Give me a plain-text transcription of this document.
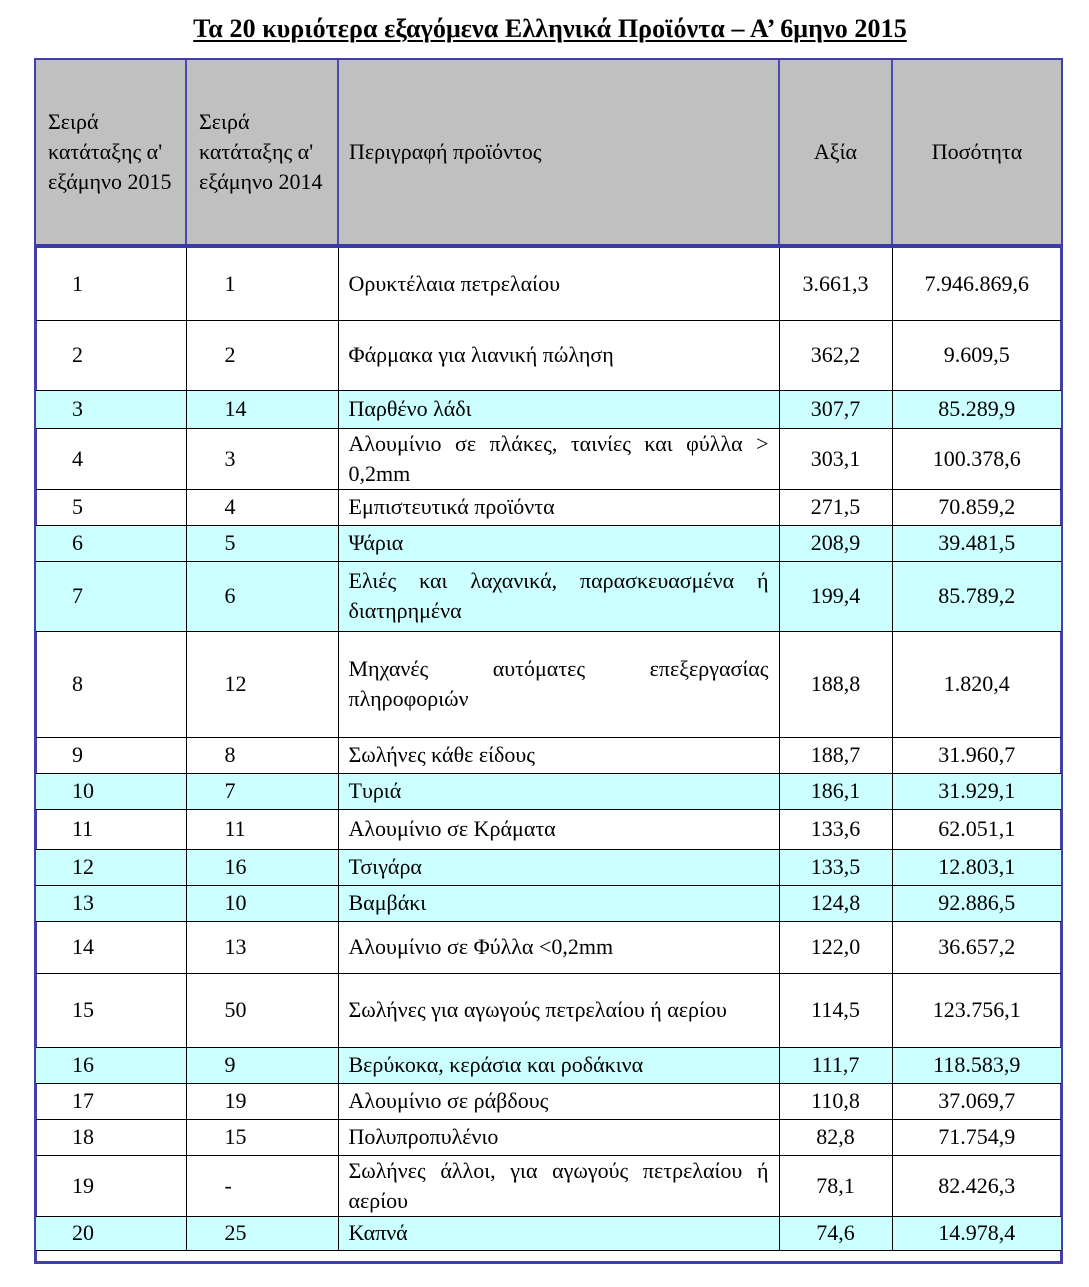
Τα 20 κυριότερα εξαγόμενα Ελληνικά Προϊόντα – Α’ 6μηνο 2015
Σειρά κατάταξης α' εξάμηνο 2015	Σειρά κατάταξης α' εξάμηνο 2014	Περιγραφή προϊόντος	Αξία	Ποσότητα
1	1	Ορυκτέλαια πετρελαίου	3.661,3	7.946.869,6
2	2	Φάρμακα για λιανική πώληση	362,2	9.609,5
3	14	Παρθένο λάδι	307,7	85.289,9
4	3	Αλουμίνιο σε πλάκες, ταινίες και φύλλα > 0,2mm	303,1	100.378,6
5	4	Εμπιστευτικά προϊόντα	271,5	70.859,2
6	5	Ψάρια	208,9	39.481,5
7	6	Ελιές και λαχανικά, παρασκευασμένα ή διατηρημένα	199,4	85.789,2
8	12	Μηχανές αυτόματες επεξεργασίας πληροφοριών	188,8	1.820,4
9	8	Σωλήνες κάθε είδους	188,7	31.960,7
10	7	Τυριά	186,1	31.929,1
11	11	Αλουμίνιο σε Κράματα	133,6	62.051,1
12	16	Τσιγάρα	133,5	12.803,1
13	10	Βαμβάκι	124,8	92.886,5
14	13	Αλουμίνιο σε Φύλλα <0,2mm	122,0	36.657,2
15	50	Σωλήνες για αγωγούς πετρελαίου ή αερίου	114,5	123.756,1
16	9	Βερύκοκα, κεράσια και ροδάκινα	111,7	118.583,9
17	19	Αλουμίνιο σε ράβδους	110,8	37.069,7
18	15	Πολυπροπυλένιο	82,8	71.754,9
19	-	Σωλήνες άλλοι, για αγωγούς πετρελαίου ή αερίου	78,1	82.426,3
20	25	Καπνά	74,6	14.978,4
